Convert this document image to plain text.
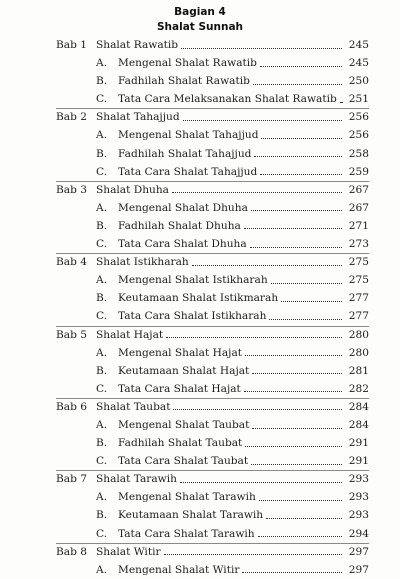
Bagian 4
Shalat Sunnah
Bab 1 Shalat Rawatib	245
A.	Mengenal Shalat Rawatib	245
B.	Fadhilah Shalat Rawatib	250
C.	Tata Cara Melaksanakan Shalat Rawatib	251
Bab 2 Shalat Tahajjud	256
A.	Mengenal Shalat Tahajjud	256
B.	Fadhilah Shalat Tahajjud	258
C.	Tata Cara Shalat Tahajjud	259
Bab 3 Shalat Dhuha	267
A.	Mengenal Shalat Dhuha	267
B.	Fadhilah Shalat Dhuha	271
C.	Tata Cara Shalat Dhuha	273
Bab 4 Shalat Istikharah	275
A.	Mengenal Shalat Istikharah	275
B.	Keutamaan Shalat Istikmarah	277
C.	Tata Cara Shalat Istikharah	277
Bab 5 Shalat Hajat	280
A.	Mengenal Shalat Hajat	280
B.	Keutamaan Shalat Hajat	281
C.	Tata Cara Shalat Hajat	282
Bab 6 Shalat Taubat	284
A.	Mengenal Shalat Taubat	284
B.	Fadhilah Shalat Taubat	291
C.	Tata Cara Shalat Taubat	291
Bab 7 Shalat Tarawih	293
A.	Mengenal Shalat Tarawih	293
B.	Keutamaan Shalat Tarawih	293
C.	Tata Cara Shalat Tarawih	294
Bab 8 Shalat Witir	297
A.	Mengenal Shalat Witir	297
